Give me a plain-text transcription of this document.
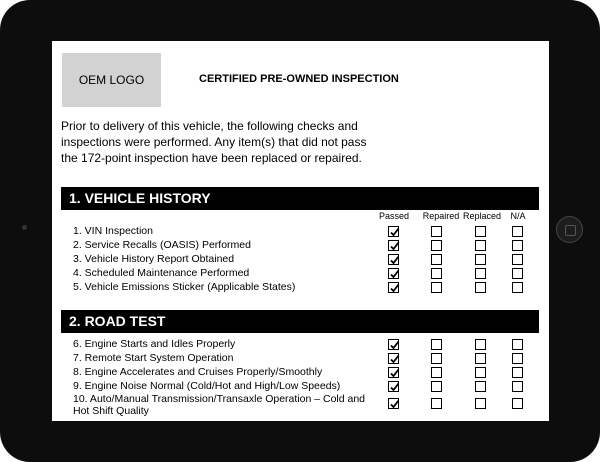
OEM LOGO	CERTIFIED PRE-OWNED INSPECTION
Prior to delivery of this vehicle, the following checks and
inspections were performed. Any item(s) that did not pass
the 172-point inspection have been replaced or repaired.
Passed Repaired Replaced N/A
1. VEHICLE HISTORY
1. VIN Inspection
2. Service Recalls (OASIS) Performed
3. Vehicle History Report Obtained
4. Scheduled Maintenance Performed
5. Vehicle Emissions Sticker (Applicable States)
2. ROAD TEST
6. Engine Starts and Idles Properly
7. Remote Start System Operation
8. Engine Accelerates and Cruises Properly/Smoothly
9. Engine Noise Normal (Cold/Hot and High/Low Speeds)
10. Auto/Manual Transmission/Transaxle Operation – Cold and Hot Shift Quality
